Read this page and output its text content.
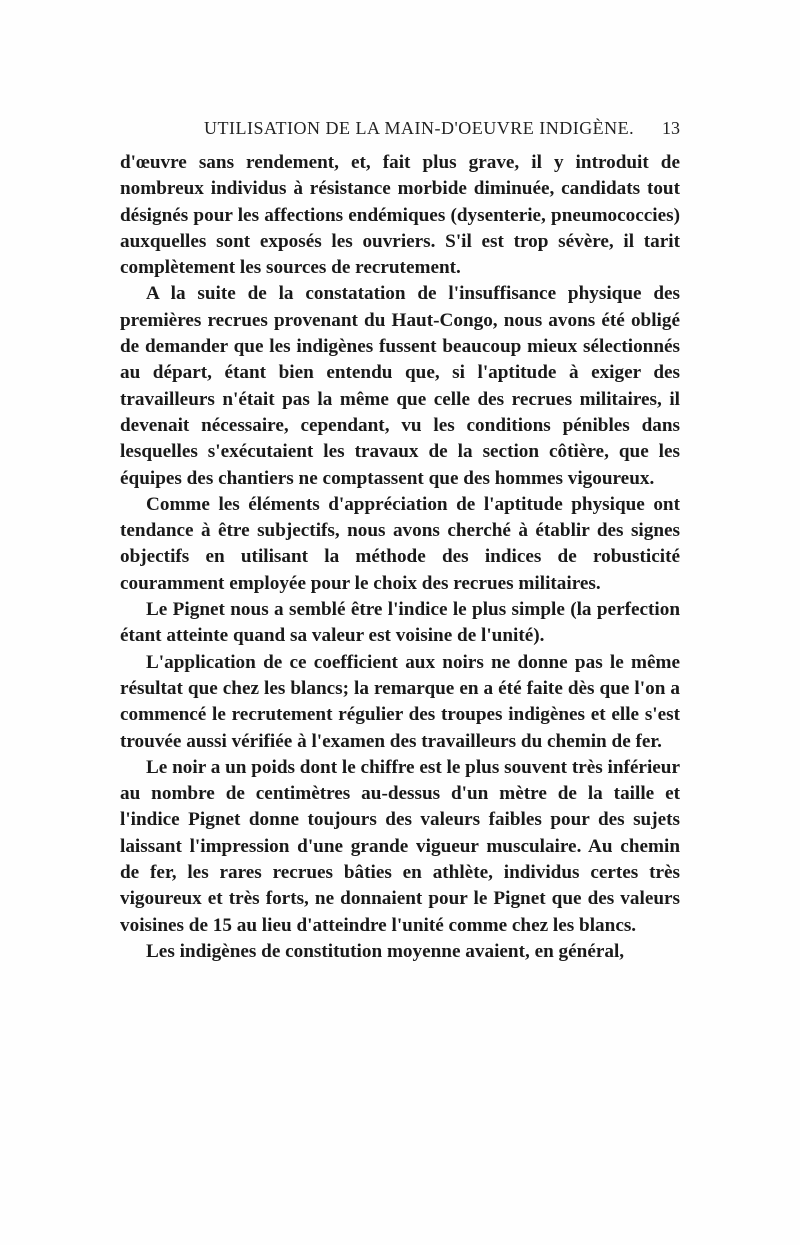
UTILISATION DE LA MAIN-D'OEUVRE INDIGÈNE. 13

d'œuvre sans rendement, et, fait plus grave, il y introduit de nombreux individus à résistance morbide diminuée, candidats tout désignés pour les affections endémiques (dysenterie, pneumococcies) auxquelles sont exposés les ouvriers. S'il est trop sévère, il tarit complètement les sources de recrutement.

A la suite de la constatation de l'insuffisance physique des premières recrues provenant du Haut-Congo, nous avons été obligé de demander que les indigènes fussent beaucoup mieux sélectionnés au départ, étant bien entendu que, si l'aptitude à exiger des travailleurs n'était pas la même que celle des recrues militaires, il devenait nécessaire, cependant, vu les conditions pénibles dans lesquelles s'exécutaient les travaux de la section côtière, que les équipes des chantiers ne comptassent que des hommes vigoureux.

Comme les éléments d'appréciation de l'aptitude physique ont tendance à être subjectifs, nous avons cherché à établir des signes objectifs en utilisant la méthode des indices de robusticité couramment employée pour le choix des recrues militaires.

Le Pignet nous a semblé être l'indice le plus simple (la perfection étant atteinte quand sa valeur est voisine de l'unité).

L'application de ce coefficient aux noirs ne donne pas le même résultat que chez les blancs; la remarque en a été faite dès que l'on a commencé le recrutement régulier des troupes indigènes et elle s'est trouvée aussi vérifiée à l'examen des travailleurs du chemin de fer.

Le noir a un poids dont le chiffre est le plus souvent très inférieur au nombre de centimètres au-dessus d'un mètre de la taille et l'indice Pignet donne toujours des valeurs faibles pour des sujets laissant l'impression d'une grande vigueur musculaire. Au chemin de fer, les rares recrues bâties en athlète, individus certes très vigoureux et très forts, ne donnaient pour le Pignet que des valeurs voisines de 15 au lieu d'atteindre l'unité comme chez les blancs.

Les indigènes de constitution moyenne avaient, en général,
